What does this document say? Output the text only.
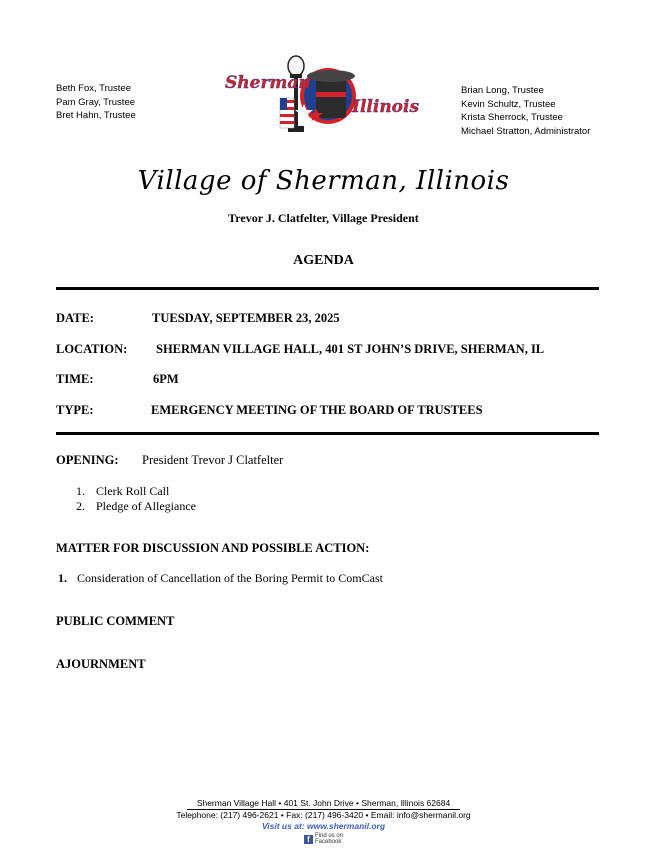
Beth Fox, Trustee
Pam Gray, Trustee
Bret Hahn, Trustee
Sherman
Illinois
Brian Long, Trustee
Kevin Schultz, Trustee
Krista Sherrock, Trustee
Michael Stratton, Administrator
Village of Sherman, Illinois
Trevor J. Clatfelter, Village President
AGENDA
DATE:	TUESDAY, SEPTEMBER 23, 2025
LOCATION: SHERMAN VILLAGE HALL, 401 ST JOHN’S DRIVE, SHERMAN, IL
TIME:	6PM
TYPE:	EMERGENCY MEETING OF THE BOARD OF TRUSTEES
OPENING: President Trevor J Clatfelter
1. Clerk Roll Call
2. Pledge of Allegiance
MATTER FOR DISCUSSION AND POSSIBLE ACTION:
1. Consideration of Cancellation of the Boring Permit to ComCast
PUBLIC COMMENT
AJOURNMENT
Sherman Village Hall • 401 St. John Drive • Sherman, Illinois 62684
Telephone: (217) 496-2621 • Fax: (217) 496-3420 • Email: info@shermanil.org
Visit us at: www.shermanil.org
f Find us on
Facebook
